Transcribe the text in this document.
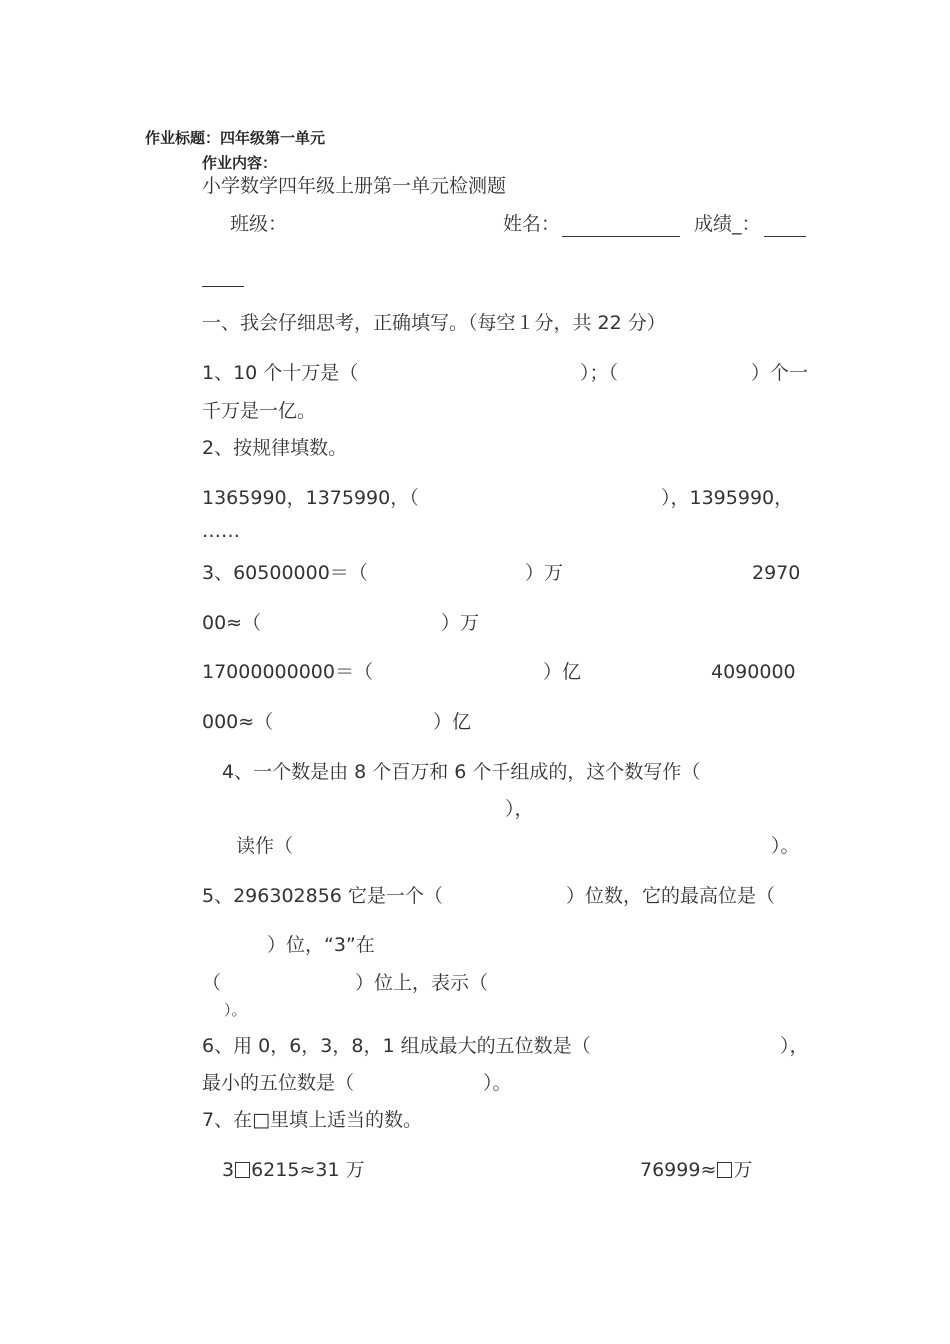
作业标题：四年级第一单元
作业内容：
小学数学四年级上册第一单元检测题
班级：	姓名：	成绩_：
一、我会仔细思考，正确填写。（每空１分，共 22 分）
1、10 个十万是（	）；（	）个一
千万是一亿。
2、按规律填数。
1365990，1375990，（	），1395990，
……
3、60500000＝（	）万	2970
00≈（	）万
17000000000＝（	）亿	4090000
000≈（	）亿
4、一个数是由 8 个百万和 6 个千组成的，这个数写作（
），
读作（	）。
5、296302856 它是一个（	）位数，它的最高位是（
）位，“3”在
（	）位上，表示（
）。
6、用 0，6，3，8，1 组成最大的五位数是（	），
最小的五位数是（	）。
7、在□里填上适当的数。
3 6215≈31 万	76999≈ 万
